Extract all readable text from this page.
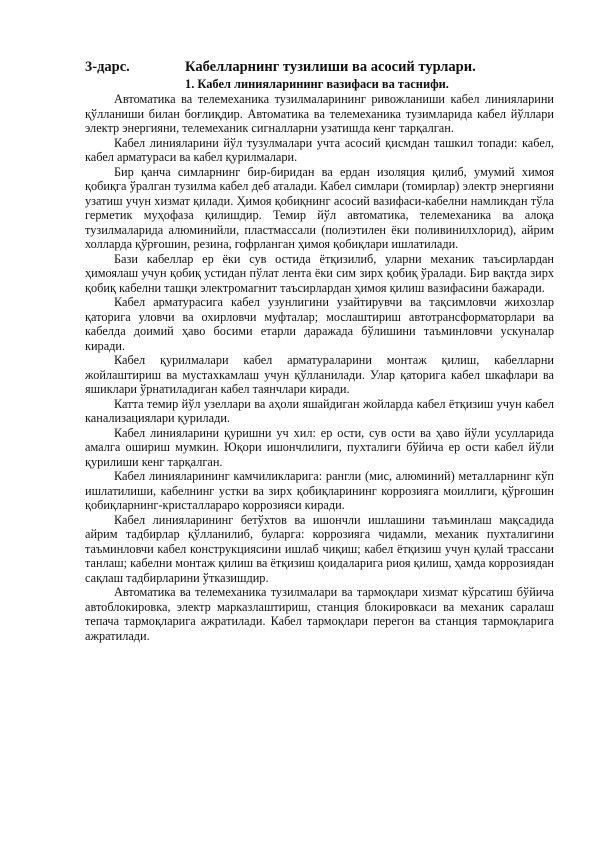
3-дарс.	Кабелларнинг тузилиши ва асосий турлари.
1. Кабел линияларининг вазифаси ва таснифи.

Автоматика ва телемеханика тузилмаларининг ривожланиши кабел линияларини қўлланиши билан боғлиқдир. Автоматика ва телемеханика тузимларида кабел йўллари электр энергияни, телемеханик сигналларни узатишда кенг тарқалган.

Кабел линияларини йўл тузулмалари учта асосий қисмдан ташкил топади: кабел, кабел арматураси ва кабел қурилмалари.

Бир қанча симларнинг бир-биридан ва ердан изоляция қилиб, умумий химоя қобиқга ўралган тузилма кабел деб аталади. Кабел симлари (томирлар) электр энергияни узатиш учун хизмат қилади. Ҳимоя қобиқнинг асосий вазифаси-кабелни намликдан тўла герметик муҳофаза қилишдир. Темир йўл автоматика, телемеханика ва алоқа тузилмаларида алюминийли, пластмассали (полиэтилен ёки поливинилхлорид), айрим холларда қўрғошин, резина, гофрланган ҳимоя қобиқлари ишлатилади.

Бази кабеллар ер ёки сув остида ётқизилиб, уларни механик таъсирлардан ҳимоялаш учун қобиқ устидан пўлат лента ёки сим зирх қобиқ ўралади. Бир вақтда зирх қобиқ кабелни ташқи электромагнит таъсирлардан ҳимоя қилиш вазифасини бажаради.

Кабел арматурасига кабел узунлигини узайтирувчи ва тақсимловчи жихозлар қаторига уловчи ва охирловчи муфталар; мослаштириш автотрансформаторлари ва кабелда доимий ҳаво босими етарли даражада бўлишини таъминловчи ускуналар киради.

Кабел қурилмалари кабел арматураларини монтаж қилиш, кабелларни жойлаштириш ва мустахкамлаш учун қўлланилади. Улар қаторига кабел шкафлари ва яшиклари ўрнатиладиган кабел таянчлари киради.

Катта темир йўл узеллари ва аҳоли яшайдиган жойларда кабел ётқизиш учун кабел канализациялари қурилади.

Кабел линияларини қуришни уч хил: ер ости, сув ости ва ҳаво йўли усулларида амалга ошириш мумкин. Юқори ишончлилиги, пухталиги бўйича ер ости кабел йўли қурилиши кенг тарқалган.

Кабел линияларининг камчиликларига: рангли (мис, алюминий) металларнинг кўп ишлатилиши, кабелнинг устки ва зирх қобиқларининг коррозияга моиллиги, қўрғошин қобиқларнинг-кристаллараро коррозияси киради.

Кабел линияларининг бетўхтов ва ишончли ишлашини таъминлаш мақсадида айрим тадбирлар қўлланилиб, буларга: коррозияга чидамли, механик пухталигини таъминловчи кабел конструкциясини ишлаб чиқиш; кабел ётқизиш учун қулай трассани танлаш; кабелни монтаж қилиш ва ётқизиш қоидаларига риоя қилиш, ҳамда коррозиядан сақлаш тадбирларини ўтказишдир.

Автоматика ва телемеханика тузилмалари ва тармоқлари хизмат кўрсатиш бўйича автоблокировка, электр марказлаштириш, станция блокировкаси ва механик саралаш тепача тармоқларига ажратилади. Кабел тармоқлари перегон ва станция тармоқларига ажратилади.
